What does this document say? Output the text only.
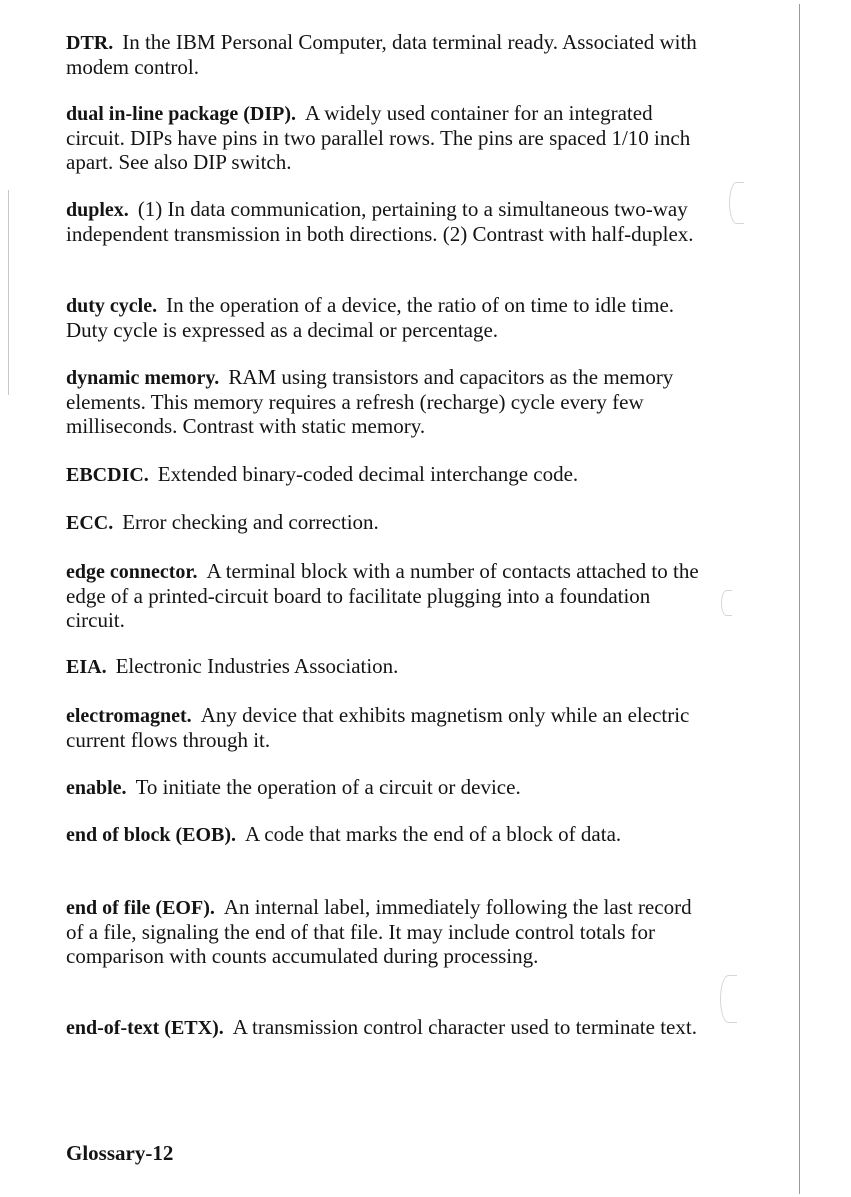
DTR. In the IBM Personal Computer, data terminal ready. Associated with modem control.

dual in-line package (DIP). A widely used container for an integrated circuit. DIPs have pins in two parallel rows. The pins are spaced 1/10 inch apart. See also DIP switch.

duplex. (1) In data communication, pertaining to a simultaneous two-way independent transmission in both directions. (2) Contrast with half-duplex.

duty cycle. In the operation of a device, the ratio of on time to idle time. Duty cycle is expressed as a decimal or percentage.

dynamic memory. RAM using transistors and capacitors as the memory elements. This memory requires a refresh (recharge) cycle every few milliseconds. Contrast with static memory.

EBCDIC. Extended binary-coded decimal interchange code.

ECC. Error checking and correction.

edge connector. A terminal block with a number of contacts attached to the edge of a printed-circuit board to facilitate plugging into a foundation circuit.

EIA. Electronic Industries Association.

electromagnet. Any device that exhibits magnetism only while an electric current flows through it.

enable. To initiate the operation of a circuit or device.

end of block (EOB). A code that marks the end of a block of data.

end of file (EOF). An internal label, immediately following the last record of a file, signaling the end of that file. It may include control totals for comparison with counts accumulated during processing.

end-of-text (ETX). A transmission control character used to terminate text.

Glossary-12
